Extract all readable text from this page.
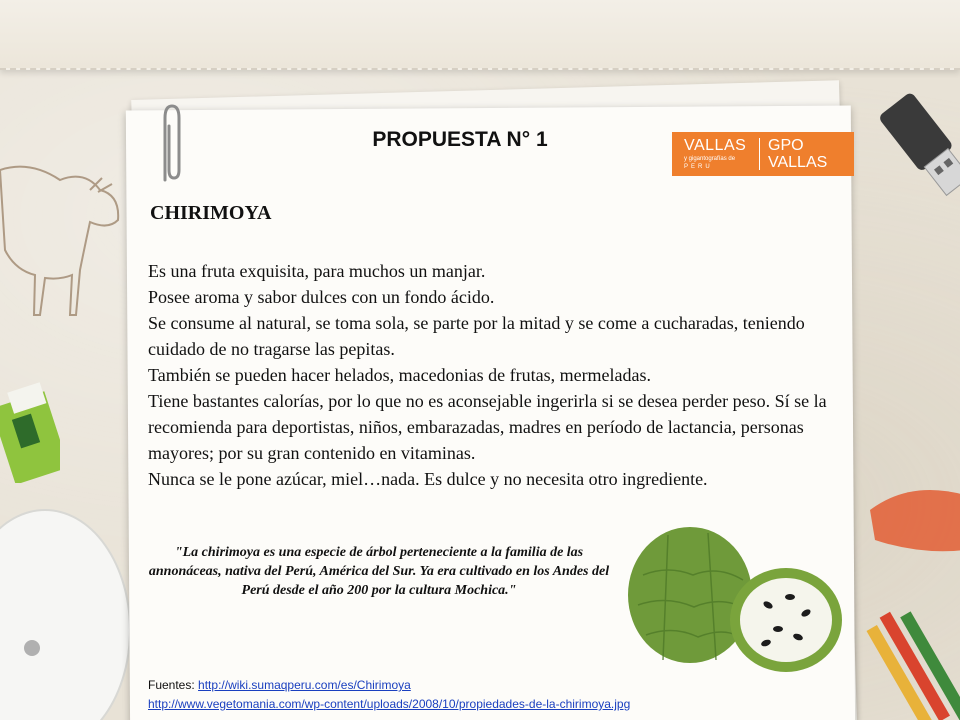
PROPUESTA N° 1	VALLAS
y gigantografías de
PERU
GPO
VALLAS
CHIRIMOYA

Es una fruta exquisita, para muchos un manjar.

Posee aroma y sabor dulces con un fondo ácido.

Se consume al natural, se toma sola, se parte por la mitad y se come a cucharadas, teniendo cuidado de no tragarse las pepitas.

También se pueden hacer helados, macedonias de frutas, mermeladas.

Tiene bastantes calorías, por lo que no es aconsejable ingerirla si se desea perder peso. Sí se la recomienda para deportistas, niños, embarazadas, madres en período de lactancia, personas mayores; por su gran contenido en vitaminas.

Nunca se le pone azúcar, miel…nada. Es dulce y no necesita otro ingrediente.

"La chirimoya es una especie de árbol perteneciente a la familia de las annonáceas, nativa del Perú, América del Sur. Ya era cultivado en los Andes del Perú desde el año 200 por la cultura Mochica."
Fuentes: http://wiki.sumaqperu.com/es/Chirimoya
http://www.vegetomania.com/wp-content/uploads/2008/10/propiedades-de-la-chirimoya.jpg
